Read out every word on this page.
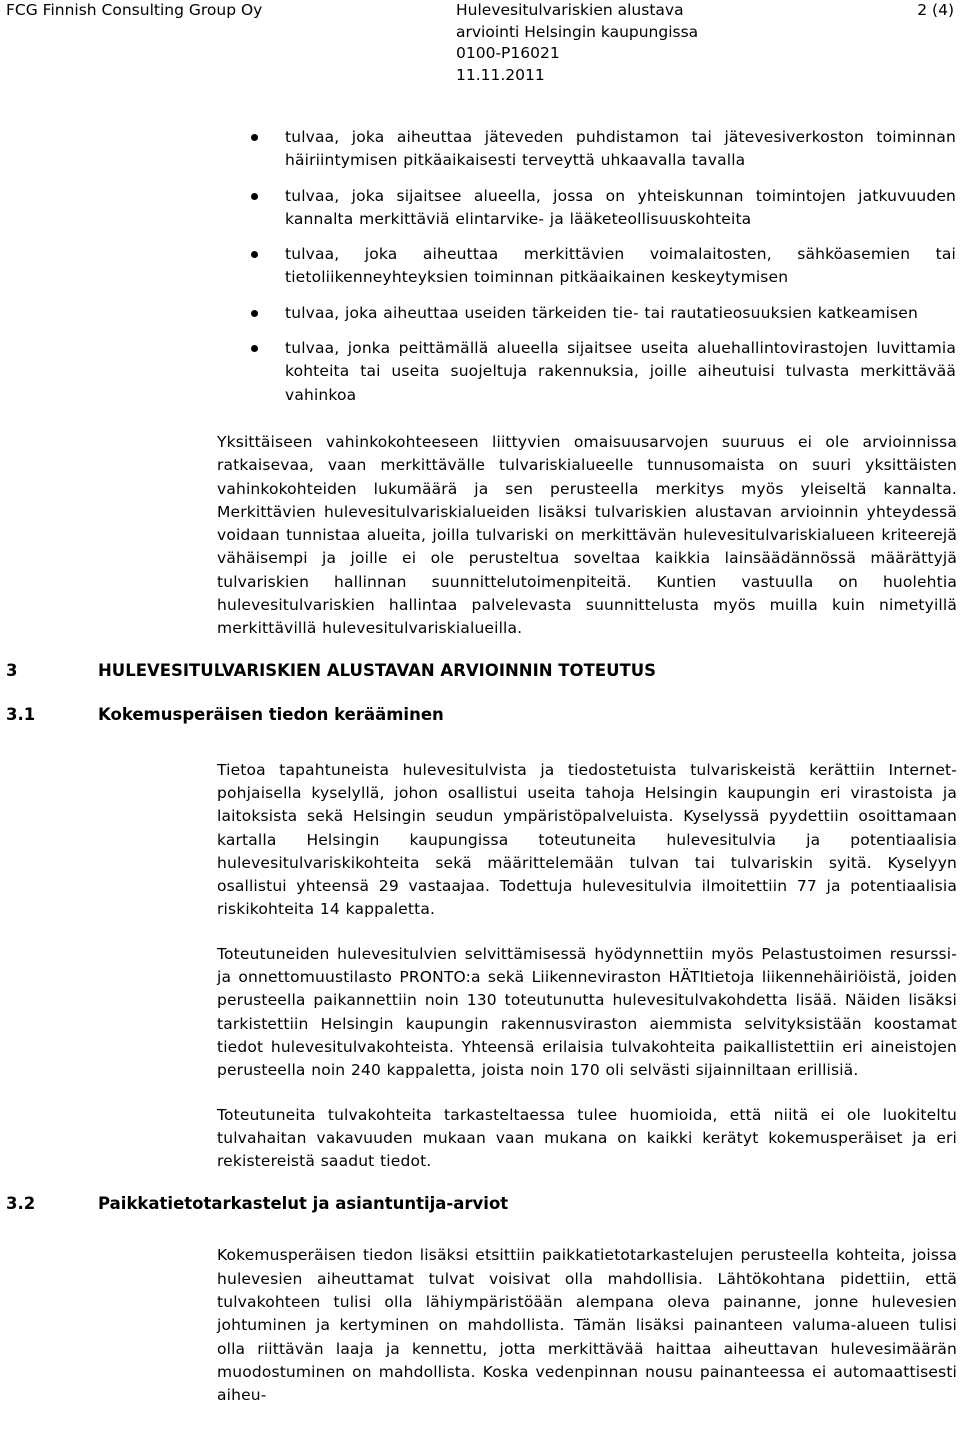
FCG Finnish Consulting Group Oy	Hulevesitulvariskien alustava
arviointi Helsingin kaupungissa
0100-P16021
11.11.2011
2 (4)
tulvaa, joka aiheuttaa jäteveden puhdistamon tai jätevesiverkoston toiminnan häiriintymisen pitkäaikaisesti terveyttä uhkaavalla tavalla
tulvaa, joka sijaitsee alueella, jossa on yhteiskunnan toimintojen jatkuvuuden kannalta merkittäviä elintarvike- ja lääketeollisuuskohteita
tulvaa, joka aiheuttaa merkittävien voimalaitosten, sähköasemien tai tietoliikenneyhteyksien toiminnan pitkäaikainen keskeytymisen
tulvaa, joka aiheuttaa useiden tärkeiden tie- tai rautatieosuuksien katkeamisen
tulvaa, jonka peittämällä alueella sijaitsee useita aluehallintovirastojen luvittamia kohteita tai useita suojeltuja rakennuksia, joille aiheutuisi tulvasta merkittävää vahinkoa

Yksittäiseen vahinkokohteeseen liittyvien omaisuusarvojen suuruus ei ole arvioinnissa ratkaisevaa, vaan merkittävälle tulvariskialueelle tunnusomaista on suuri yksittäisten vahinkokohteiden lukumäärä ja sen perusteella merkitys myös yleiseltä kannalta. Merkittävien hulevesitulvariskialueiden lisäksi tulvariskien alustavan arvioinnin yhteydessä voidaan tunnistaa alueita, joilla tulvariski on merkittävän hulevesitulvariskialueen kriteerejä vähäisempi ja joille ei ole perusteltua soveltaa kaikkia lainsäädännössä määrättyjä tulvariskien hallinnan suunnittelutoimenpiteitä. Kuntien vastuulla on huolehtia hulevesitulvariskien hallintaa palvelevasta suunnittelusta myös muilla kuin nimetyillä merkittävillä hulevesitulvariskialueilla.

3	HULEVESITULVARISKIEN ALUSTAVAN ARVIOINNIN TOTEUTUS
3.1	Kokemusperäisen tiedon kerääminen

Tietoa tapahtuneista hulevesitulvista ja tiedostetuista tulvariskeistä kerättiin Internet-pohjaisella kyselyllä, johon osallistui useita tahoja Helsingin kaupungin eri virastoista ja laitoksista sekä Helsingin seudun ympäristöpalveluista. Kyselyssä pyydettiin osoittamaan kartalla Helsingin kaupungissa toteutuneita hulevesitulvia ja potentiaalisia hulevesitulvariskikohteita sekä määrittelemään tulvan tai tulvariskin syitä. Kyselyyn osallistui yhteensä 29 vastaajaa. Todettuja hulevesitulvia ilmoitettiin 77 ja potentiaalisia riskikohteita 14 kappaletta.

Toteutuneiden hulevesitulvien selvittämisessä hyödynnettiin myös Pelastustoimen resurssi- ja onnettomuustilasto PRONTO:a sekä Liikenneviraston HÄTItietoja liikennehäiriöistä, joiden perusteella paikannettiin noin 130 toteutunutta hulevesitulvakohdetta lisää. Näiden lisäksi tarkistettiin Helsingin kaupungin rakennusviraston aiemmista selvityksistään koostamat tiedot hulevesitulvakohteista. Yhteensä erilaisia tulvakohteita paikallistettiin eri aineistojen perusteella noin 240 kappaletta, joista noin 170 oli selvästi sijainniltaan erillisiä.

Toteutuneita tulvakohteita tarkasteltaessa tulee huomioida, että niitä ei ole luokiteltu tulvahaitan vakavuuden mukaan vaan mukana on kaikki kerätyt kokemusperäiset ja eri rekistereistä saadut tiedot.

3.2	Paikkatietotarkastelut ja asiantuntija-arviot

Kokemusperäisen tiedon lisäksi etsittiin paikkatietotarkastelujen perusteella kohteita, joissa hulevesien aiheuttamat tulvat voisivat olla mahdollisia. Lähtökohtana pidettiin, että tulvakohteen tulisi olla lähiympäristöään alempana oleva painanne, jonne hulevesien johtuminen ja kertyminen on mahdollista. Tämän lisäksi painanteen valuma-alueen tulisi olla riittävän laaja ja kennettu, jotta merkittävää haittaa aiheuttavan hulevesimäärän muodostuminen on mahdollista. Koska vedenpinnan nousu painanteessa ei automaattisesti aiheu-
